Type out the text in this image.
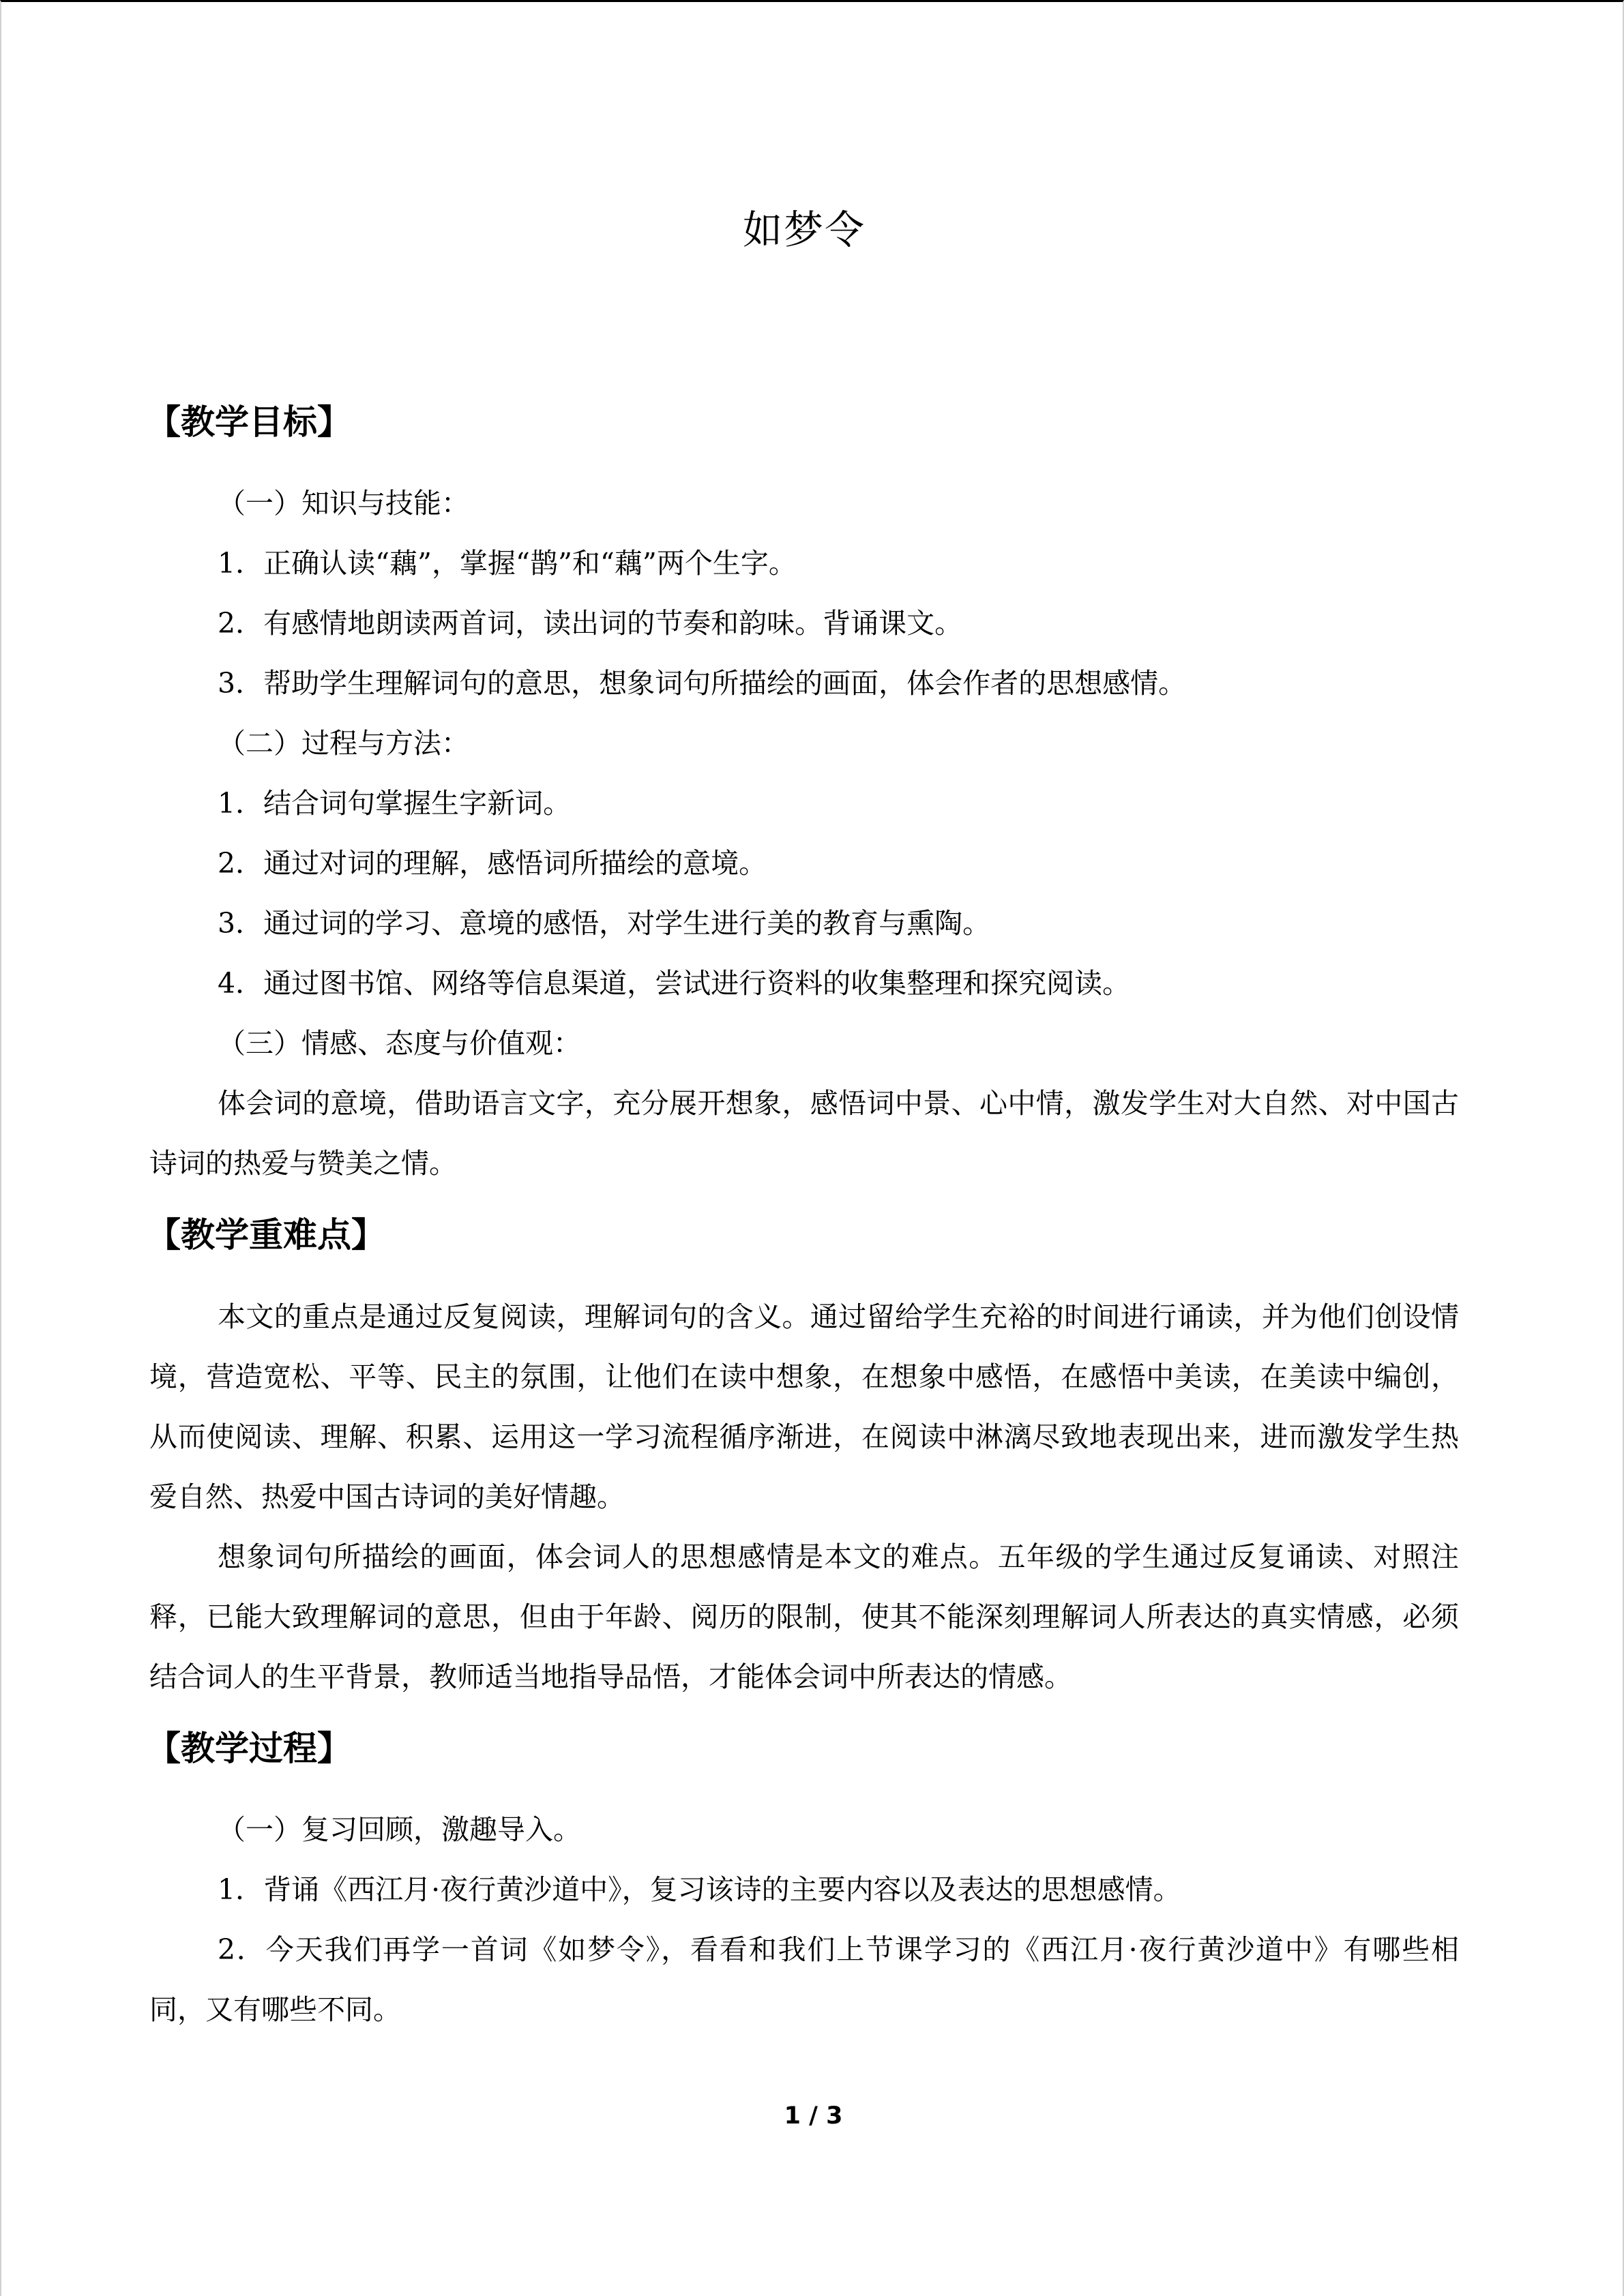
如梦令
【教学目标】

（一）知识与技能：

1．正确认读“藕”，掌握“鹊”和“藕”两个生字。

2．有感情地朗读两首词，读出词的节奏和韵味。背诵课文。

3．帮助学生理解词句的意思，想象词句所描绘的画面，体会作者的思想感情。

（二）过程与方法：

1．结合词句掌握生字新词。

2．通过对词的理解，感悟词所描绘的意境。

3．通过词的学习、意境的感悟，对学生进行美的教育与熏陶。

4．通过图书馆、网络等信息渠道，尝试进行资料的收集整理和探究阅读。

（三）情感、态度与价值观：

体会词的意境，借助语言文字，充分展开想象，感悟词中景、心中情，激发学生对大自然、对中国古诗词的热爱与赞美之情。

【教学重难点】

本文的重点是通过反复阅读，理解词句的含义。通过留给学生充裕的时间进行诵读，并为他们创设情境，营造宽松、平等、民主的氛围，让他们在读中想象，在想象中感悟，在感悟中美读，在美读中编创，从而使阅读、理解、积累、运用这一学习流程循序渐进，在阅读中淋漓尽致地表现出来，进而激发学生热爱自然、热爱中国古诗词的美好情趣。

想象词句所描绘的画面，体会词人的思想感情是本文的难点。五年级的学生通过反复诵读、对照注释，已能大致理解词的意思，但由于年龄、阅历的限制，使其不能深刻理解词人所表达的真实情感，必须结合词人的生平背景，教师适当地指导品悟，才能体会词中所表达的情感。

【教学过程】

（一）复习回顾，激趣导入。

1．背诵《西江月·夜行黄沙道中》，复习该诗的主要内容以及表达的思想感情。

2．今天我们再学一首词《如梦令》，看看和我们上节课学习的《西江月·夜行黄沙道中》有哪些相同，又有哪些不同。

1 / 3
